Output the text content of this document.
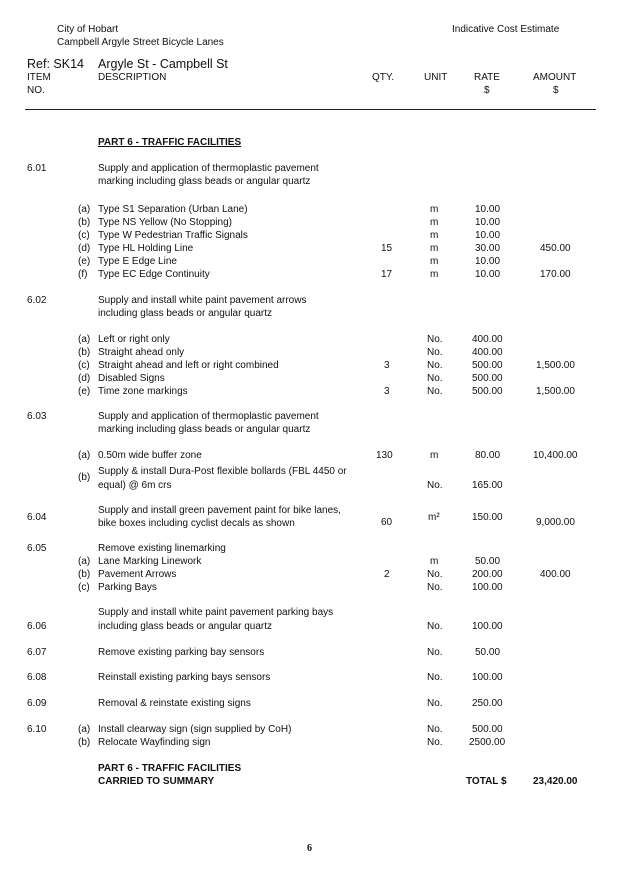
City of Hobart
Campbell Argyle Street Bicycle Lanes
Indicative Cost Estimate
Ref: SK14 Argyle St - Campbell St
ITEM
NO.
DESCRIPTION	QTY.	UNIT	RATE
$
AMOUNT
$
PART 6 - TRAFFIC FACILITIES
6.01	Supply and application of thermoplastic pavement
marking including glass beads or angular quartz
(a) Type S1 Separation (Urban Lane)	m	10.00
(b) Type NS Yellow (No Stopping)	m	10.00
(c) Type W Pedestrian Traffic Signals	m	10.00
(d) Type HL Holding Line	15	m	30.00	450.00
(e) Type E Edge Line	m	10.00
(f) Type EC Edge Continuity	17	m	10.00	170.00
6.02	Supply and install white paint pavement arrows
including glass beads or angular quartz
(a) Left or right only	No.	400.00
(b) Straight ahead only	No.	400.00
(c) Straight ahead and left or right combined	3	No.	500.00	1,500.00
(d) Disabled Signs	No.	500.00
(e) Time zone markings	3	No.	500.00	1,500.00
6.03	Supply and application of thermoplastic pavement
marking including glass beads or angular quartz
(a) 0.50m wide buffer zone	130	m	80.00	10,400.00
(b)
Supply & install Dura-Post flexible bollards (FBL 4450 or
equal) @ 6m crs	No.	165.00
6.04
Supply and install green pavement paint for bike lanes,
bike boxes including cyclist decals as shown	60	m²	150.00	9,000.00
6.05	Remove existing linemarking
(a) Lane Marking Linework	m	50.00
(b) Pavement Arrows	2	No.	200.00	400.00
(c) Parking Bays	No.	100.00
Supply and install white paint pavement parking bays
6.06	including glass beads or angular quartz	No.	100.00
6.07	Remove existing parking bay sensors	No.	50.00
6.08	Reinstall existing parking bays sensors	No.	100.00
6.09	Removal & reinstate existing signs	No.	250.00
6.10	(a) Install clearway sign (sign supplied by CoH)	No.	500.00
(b) Relocate Wayfinding sign	No.	2500.00
PART 6 - TRAFFIC FACILITIES
CARRIED TO SUMMARY	TOTAL $	23,420.00
6
